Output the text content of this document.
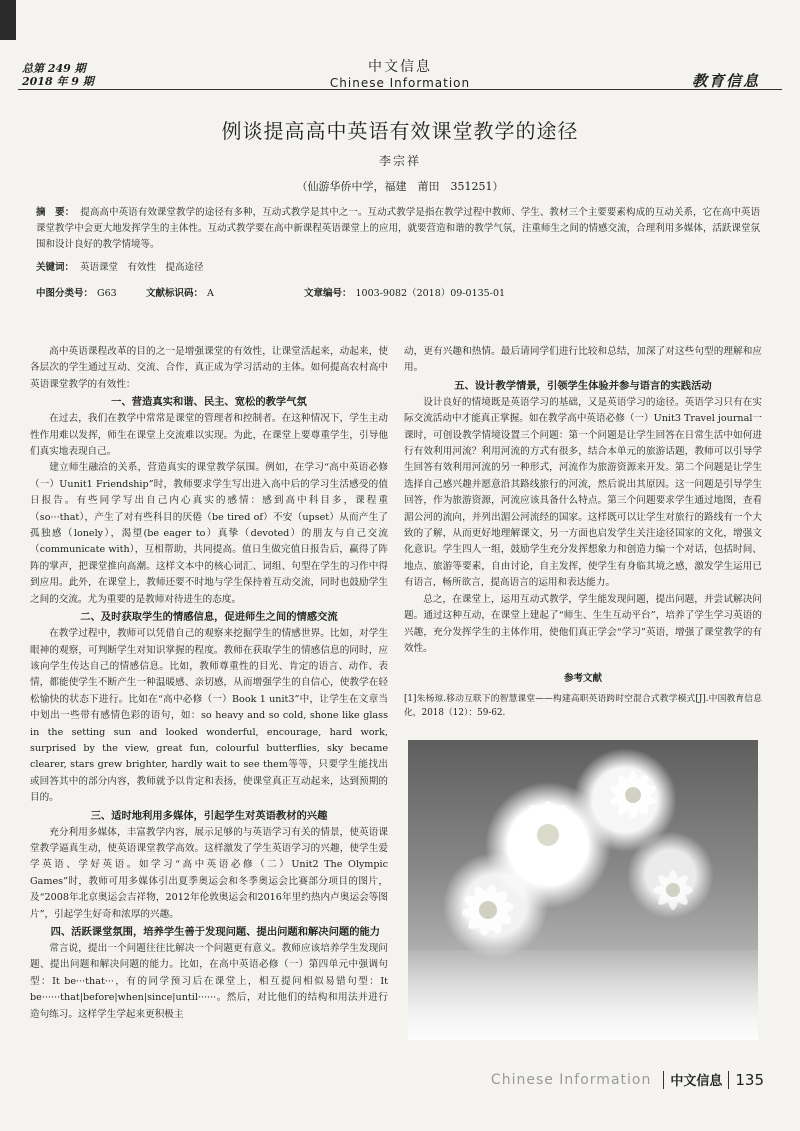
总第 249 期
2018 年 9 期
中文信息
Chinese Information	教育信息
例谈提高高中英语有效课堂教学的途径
李宗祥
（仙游华侨中学，福建　莆田　351251）
摘　要： 提高高中英语有效课堂教学的途径有多种，互动式教学是其中之一。互动式教学是指在教学过程中教师、学生、教材三个主要要素构成的互动关系，它在高中英语课堂教学中会更大地发挥学生的主体性。互动式教学要在高中新课程英语课堂上的应用，就要营造和谐的教学气氛，注重师生之间的情感交流，合理利用多媒体，活跃课堂氛围和设计良好的教学情境等。
关键词： 英语课堂　有效性　提高途径
中图分类号： G63	文献标识码： A	文章编号： 1003-9082（2018）09-0135-01

高中英语课程改革的目的之一是增强课堂的有效性，让课堂活起来，动起来，使各层次的学生通过互动、交流、合作，真正成为学习活动的主体。如何提高农村高中英语课堂教学的有效性：

一、营造真实和谐、民主、宽松的教学气氛

在过去，我们在教学中常常是课堂的管理者和控制者。在这种情况下，学生主动性作用难以发挥，师生在课堂上交流难以实现。为此，在课堂上要尊重学生，引导他们真实地表现自己。

建立师生融洽的关系，营造真实的课堂教学氛围。例如，在学习“高中英语必修（一）Uunit1 Friendship”时，教师要求学生写出进入高中后的学习生活感受的值日报告。有些同学写出自己内心真实的感情：感到高中科目多，课程重（so···that），产生了对有些科目的厌倦（be tired of）不安（upset）从而产生了孤独感（lonely），渴望(be eager to）真挚（devoted）的朋友与自己交流（communicate with），互相帮助，共同提高。值日生做完值日报告后，赢得了阵阵的掌声，把课堂推向高潮。这样文本中的核心词汇、词组、句型在学生的习作中得到应用。此外，在课堂上，教师还要不时地与学生保持着互动交流，同时也鼓励学生之间的交流。尤为重要的是教师对待进生的态度。

二、及时获取学生的情感信息，促进师生之间的情感交流

在教学过程中，教师可以凭借自己的观察来挖掘学生的情感世界。比如，对学生眼神的观察，可判断学生对知识掌握的程度。教师在获取学生的情感信息的同时，应该向学生传达自己的情感信息。比如，教师尊重性的目光、肯定的语言、动作、表情，都能使学生不断产生一种温暖感、亲切感，从而增强学生的自信心，使教学在轻松愉快的状态下进行。比如在“高中必修（一）Book 1 unit3”中，让学生在文章当中划出一些带有感情色彩的语句，如：so heavy and so cold, shone like glass in the setting sun and looked wonderful, encourage, hard work, surprised by the view, great fun, colourful butterflies, sky became clearer, stars grew brighter, hardly wait to see them等等，只要学生能找出或回答其中的部分内容，教师就予以肯定和表扬，使课堂真正互动起来，达到预期的目的。

三、适时地利用多媒体，引起学生对英语教材的兴趣

充分利用多媒体，丰富教学内容，展示足够的与英语学习有关的情景，使英语课堂教学逼真生动，使英语课堂教学高效。这样激发了学生英语学习的兴趣，使学生爱学英语、学好英语。如学习“高中英语必修（二）Unit2 The Olympic Games”时，教师可用多媒体引出夏季奥运会和冬季奥运会比赛部分项目的图片，及“2008年北京奥运会吉祥物，2012年伦敦奥运会和2016年里约热内卢奥运会等图片”，引起学生好奇和浓厚的兴趣。

四、活跃课堂氛围，培养学生善于发现问题、提出问题和解决问题的能力

常言说，提出一个问题往往比解决一个问题更有意义。教师应该培养学生发现问题、提出问题和解决问题的能力。比如，在高中英语必修（一）第四单元中强调句型：It be···that···，有的同学预习后在课堂上，相互提问相似易错句型：It be······that|before|when|since|until······。然后，对比他们的结构和用法并进行造句练习。这样学生学起来更积极主

动，更有兴趣和热情。最后请同学们进行比较和总结，加深了对这些句型的理解和应用。

五、设计教学情景，引领学生体验并参与语言的实践活动

设计良好的情境既是英语学习的基础，又是英语学习的途径。英语学习只有在实际交流活动中才能真正掌握。如在教学高中英语必修（一）Unit3 Travel journal一课时，可创设教学情境设置三个问题：第一个问题是让学生回答在日常生活中如何进行有效利用河流？利用河流的方式有很多，结合本单元的旅游话题，教师可以引导学生回答有效利用河流的另一种形式，河流作为旅游资源来开发。第二个问题是让学生选择自己感兴趣并愿意沿其路线旅行的河流，然后说出其原因。这一问题是引导学生回答，作为旅游资源，河流应该具备什么特点。第三个问题要求学生通过地图，查看湄公河的流向，并列出湄公河流经的国家。这样既可以让学生对旅行的路线有一个大致的了解，从而更好地理解课文，另一方面也启发学生关注途径国家的文化，增强文化意识。学生四人一组，鼓励学生充分发挥想象力和创造力编一个对话，包括时间、地点、旅游等要素，自由讨论，自主发挥，使学生有身临其境之感，激发学生运用已有语言，畅所欲言，提高语言的运用和表达能力。

总之，在课堂上，运用互动式教学，学生能发现问题，提出问题，并尝试解决问题。通过这种互动，在课堂上建起了“师生、生生互动平台”，培养了学生学习英语的兴趣，充分发挥学生的主体作用，使他们真正学会“学习”英语，增强了课堂教学的有效性。

参考文献

[1]朱杨琼.移动互联下的智慧课堂——构建高职英语跨时空混合式教学模式[J].中国教育信息化，2018（12）：59-62.

Chinese Information 中文信息 135
